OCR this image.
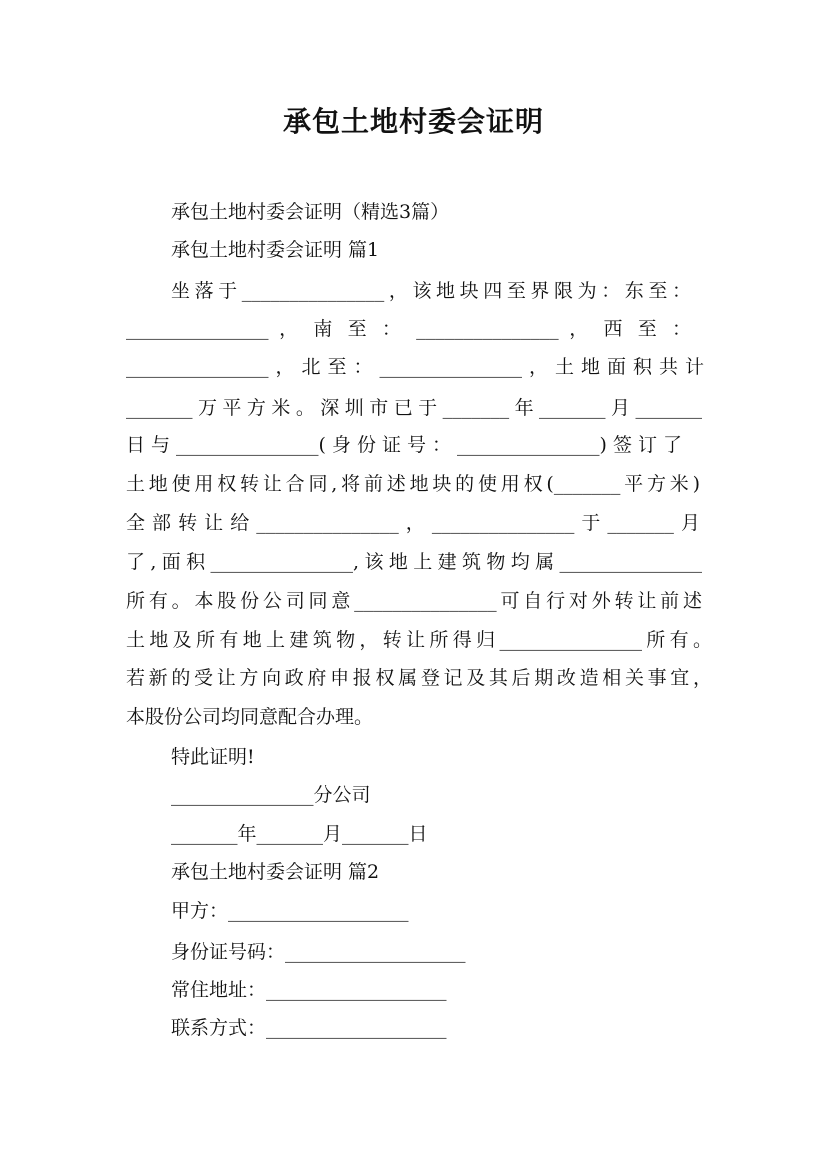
承包土地村委会证明
承包土地村委会证明（精选3篇）
承包土地村委会证明 篇1
坐落于_______________，该地块四至界限为：东至：
_______________ ， 南 至 ： _______________ ， 西 至 ：
_______________，北至：_______________，土地面积共计
_______万平方米。深圳市已于_______年_______月_______
日与_______________(身份证号：_______________)签订了
土地使用权转让合同,将前述地块的使用权(_______平方米)
全部转让给_______________，_______________于_______月
了,面积_______________,该地上建筑物均属_______________
所有。本股份公司同意_______________可自行对外转让前述
土地及所有地上建筑物，转让所得归_______________所有。
若新的受让方向政府申报权属登记及其后期改造相关事宜，
本股份公司均同意配合办理。
特此证明!
_______________分公司
_______年_______月_______日
承包土地村委会证明 篇2
甲方：___________________
身份证号码：___________________
常住地址：___________________
联系方式：___________________
